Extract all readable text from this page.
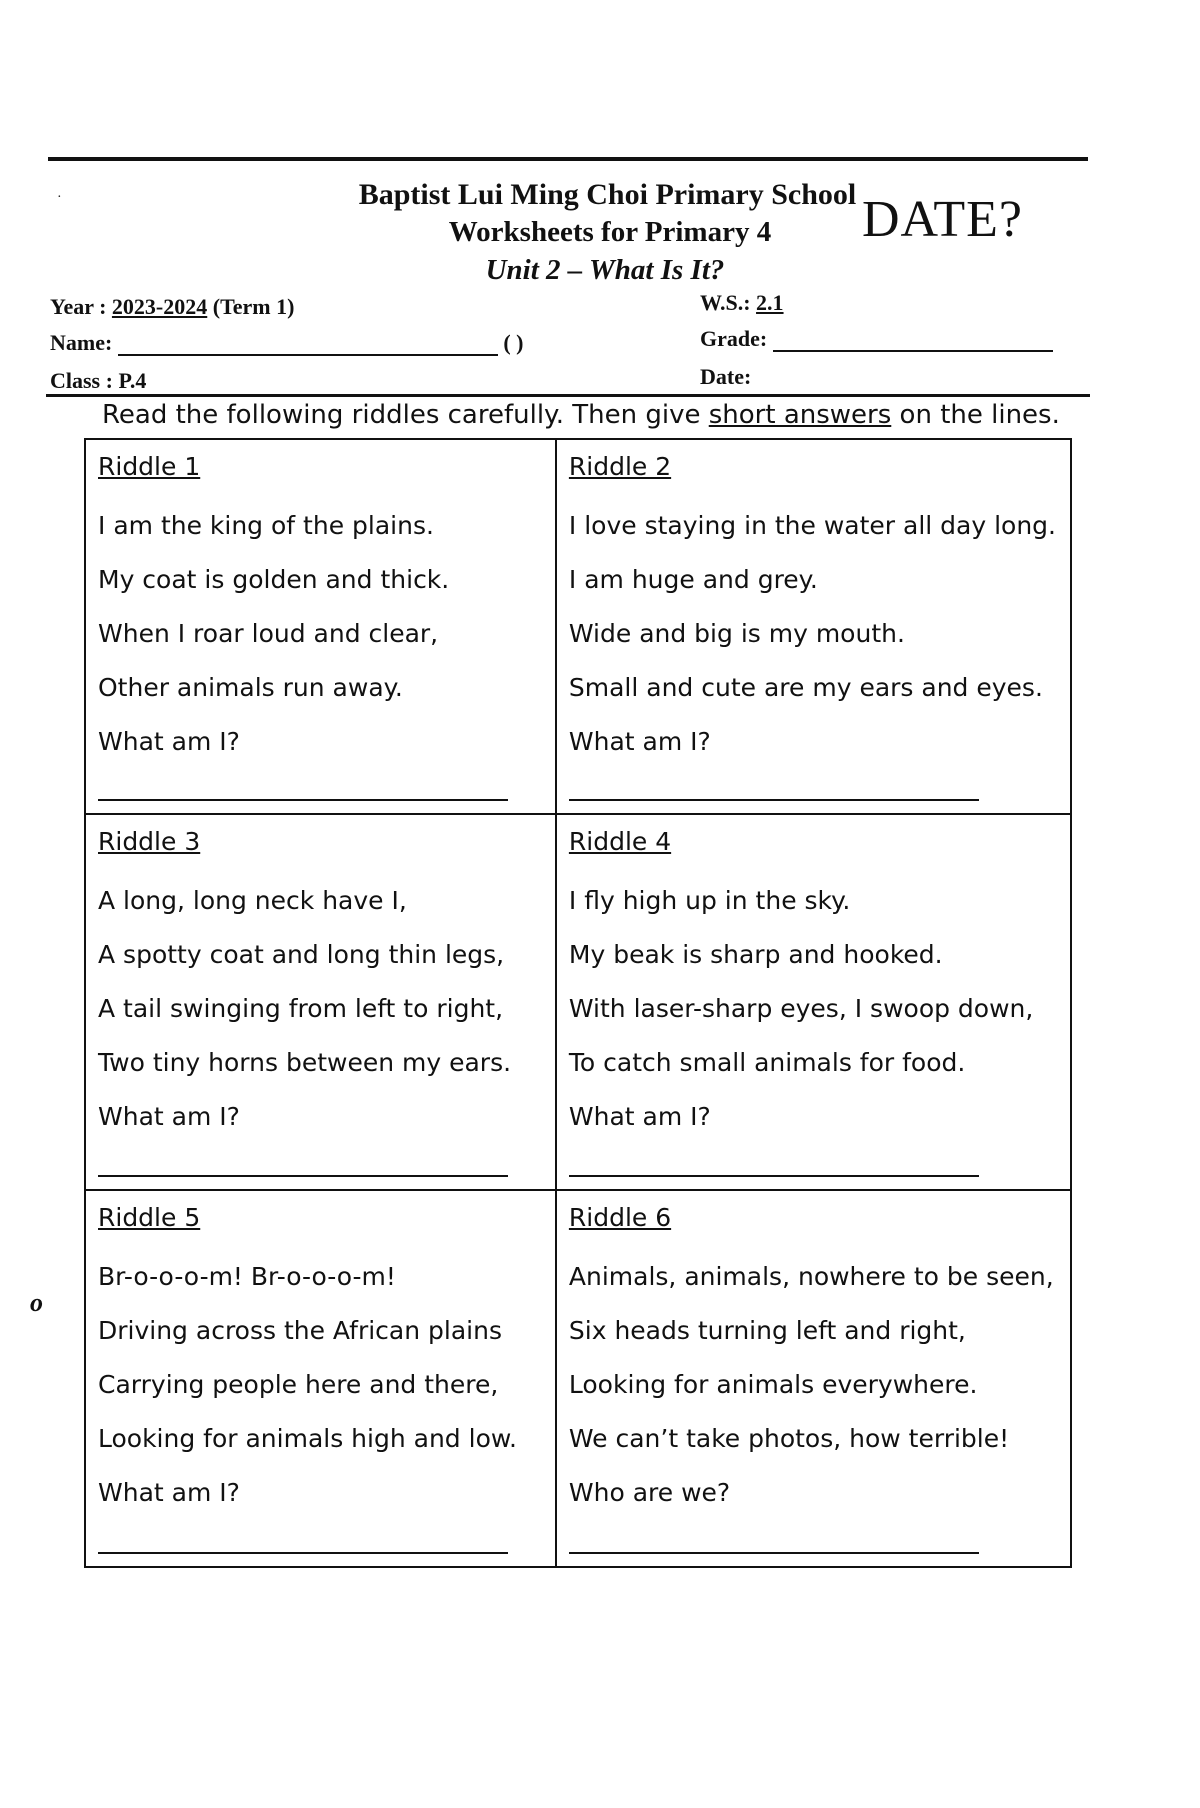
·	Baptist Lui Ming Choi Primary School
Worksheets for Primary 4
Unit 2 – What Is It?
DATE?
Year : 2023-2024 (Term 1)
Name:	( )
Class : P.4
W.S.: 2.1
Grade:
Date:
Read the following riddles carefully. Then give short answers on the lines.
Riddle 1
I am the king of the plains.
My coat is golden and thick.
When I roar loud and clear,
Other animals run away.
What am I?
Riddle 2
I love staying in the water all day long.
I am huge and grey.
Wide and big is my mouth.
Small and cute are my ears and eyes.
What am I?
Riddle 3
A long, long neck have I,
A spotty coat and long thin legs,
A tail swinging from left to right,
Two tiny horns between my ears.
What am I?
Riddle 4
I fly high up in the sky.
My beak is sharp and hooked.
With laser-sharp eyes, I swoop down,
To catch small animals for food.
What am I?
Riddle 5
Br-o-o-o-m! Br-o-o-o-m!
Driving across the African plains
Carrying people here and there,
Looking for animals high and low.
What am I?
Riddle 6
Animals, animals, nowhere to be seen,
Six heads turning left and right,
Looking for animals everywhere.
We can’t take photos, how terrible!
Who are we?
o
